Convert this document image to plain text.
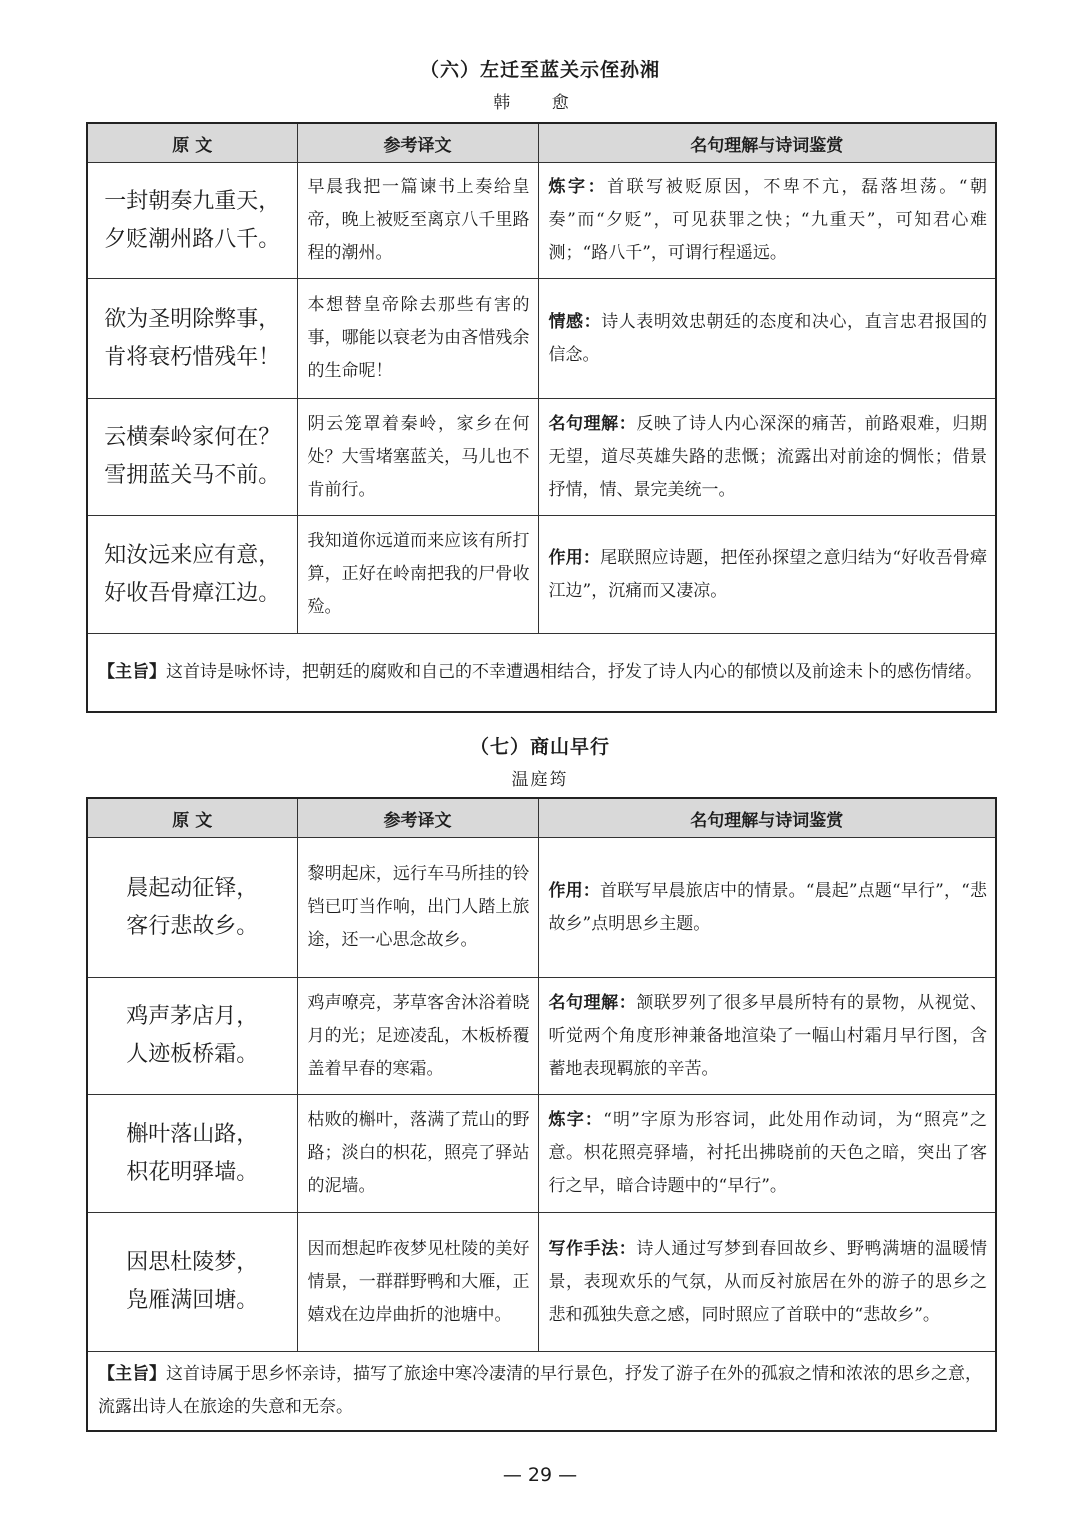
（六）左迁至蓝关示侄孙湘
韩 愈
原 文	参考译文	名句理解与诗词鉴赏

一封朝奏九重天，
夕贬潮州路八千。	早晨我把一篇谏书上奏给皇帝，晚上被贬至离京八千里路程的潮州。	炼字：首联写被贬原因，不卑不亢，磊落坦荡。“朝奏”而“夕贬”，可见获罪之快；“九重天”，可知君心难测；“路八千”，可谓行程遥远。

欲为圣明除弊事，
肯将衰朽惜残年！	本想替皇帝除去那些有害的事，哪能以衰老为由吝惜残余的生命呢！	情感：诗人表明效忠朝廷的态度和决心，直言忠君报国的信念。

云横秦岭家何在？
雪拥蓝关马不前。	阴云笼罩着秦岭，家乡在何处？大雪堵塞蓝关，马儿也不肯前行。	名句理解：反映了诗人内心深深的痛苦，前路艰难，归期无望，道尽英雄失路的悲慨；流露出对前途的惆怅；借景抒情，情、景完美统一。

知汝远来应有意，
好收吾骨瘴江边。	我知道你远道而来应该有所打算，正好在岭南把我的尸骨收殓。	作用：尾联照应诗题，把侄孙探望之意归结为“好收吾骨瘴江边”，沉痛而又凄凉。
【主旨】这首诗是咏怀诗，把朝廷的腐败和自己的不幸遭遇相结合，抒发了诗人内心的郁愤以及前途未卜的感伤情绪。		
（七）商山早行
温庭筠
原 文	参考译文	名句理解与诗词鉴赏

晨起动征铎，
客行悲故乡。	黎明起床，远行车马所挂的铃铛已叮当作响，出门人踏上旅途，还一心思念故乡。	作用：首联写早晨旅店中的情景。“晨起”点题“早行”，“悲故乡”点明思乡主题。

鸡声茅店月，
人迹板桥霜。	鸡声嘹亮，茅草客舍沐浴着晓月的光；足迹凌乱，木板桥覆盖着早春的寒霜。	名句理解：颔联罗列了很多早晨所特有的景物，从视觉、听觉两个角度形神兼备地渲染了一幅山村霜月早行图，含蓄地表现羁旅的辛苦。

槲叶落山路，
枳花明驿墙。	枯败的槲叶，落满了荒山的野路；淡白的枳花，照亮了驿站的泥墙。	炼字：“明”字原为形容词，此处用作动词，为“照亮”之意。枳花照亮驿墙，衬托出拂晓前的天色之暗，突出了客行之早，暗合诗题中的“早行”。

因思杜陵梦，
凫雁满回塘。	因而想起昨夜梦见杜陵的美好情景，一群群野鸭和大雁，正嬉戏在边岸曲折的池塘中。	写作手法：诗人通过写梦到春回故乡、野鸭满塘的温暖情景，表现欢乐的气氛，从而反衬旅居在外的游子的思乡之悲和孤独失意之感，同时照应了首联中的“悲故乡”。
【主旨】这首诗属于思乡怀亲诗，描写了旅途中寒冷凄清的早行景色，抒发了游子在外的孤寂之情和浓浓的思乡之意，流露出诗人在旅途的失意和无奈。		
— 29 —
